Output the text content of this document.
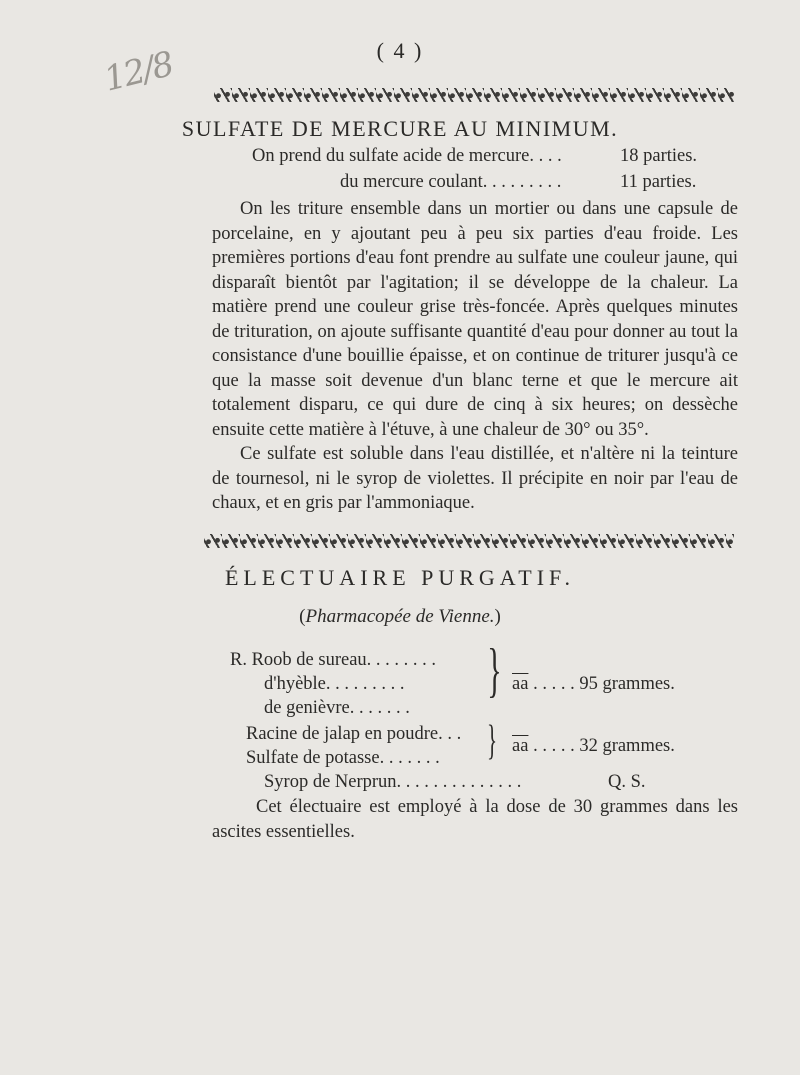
12/8	( 4 )
SULFATE DE MERCURE AU MINIMUM.
On prend du sulfate acide de mercure. . . .	18 parties.
du mercure coulant. . . . . . . . .	11 parties.
On les triture ensemble dans un mortier ou dans une capsule de porcelaine, en y ajoutant peu à peu six parties d'eau froide. Les premières portions d'eau font prendre au sulfate une couleur jaune, qui disparaît bientôt par l'agitation; il se développe de la chaleur. La matière prend une couleur grise très-foncée. Après quelques minutes de trituration, on ajoute suffisante quantité d'eau pour donner au tout la consistance d'une bouillie épaisse, et on continue de triturer jusqu'à ce que la masse soit devenue d'un blanc terne et que le mercure ait totalement disparu, ce qui dure de cinq à six heures; on dessèche ensuite cette matière à l'étuve, à une chaleur de 30° ou 35°.
Ce sulfate est soluble dans l'eau distillée, et n'altère ni la teinture de tournesol, ni le syrop de violettes. Il précipite en noir par l'eau de chaux, et en gris par l'ammoniaque.
ÉLECTUAIRE PURGATIF.
(Pharmacopée de Vienne.)
R. Roob de sureau. . . . . . . .
d'hyèble. . . . . . . . .
de genièvre. . . . . . .
} $\overline{aa}$ . . . . . 95 grammes.
Racine de jalap en poudre. . .
Sulfate de potasse. . . . . . . } $\overline{aa}$ . . . . . 32 grammes.
Syrop de Nerprun. . . . . . . . . . . . . .	Q. S.
Cet électuaire est employé à la dose de 30 grammes dans les ascites essentielles.
